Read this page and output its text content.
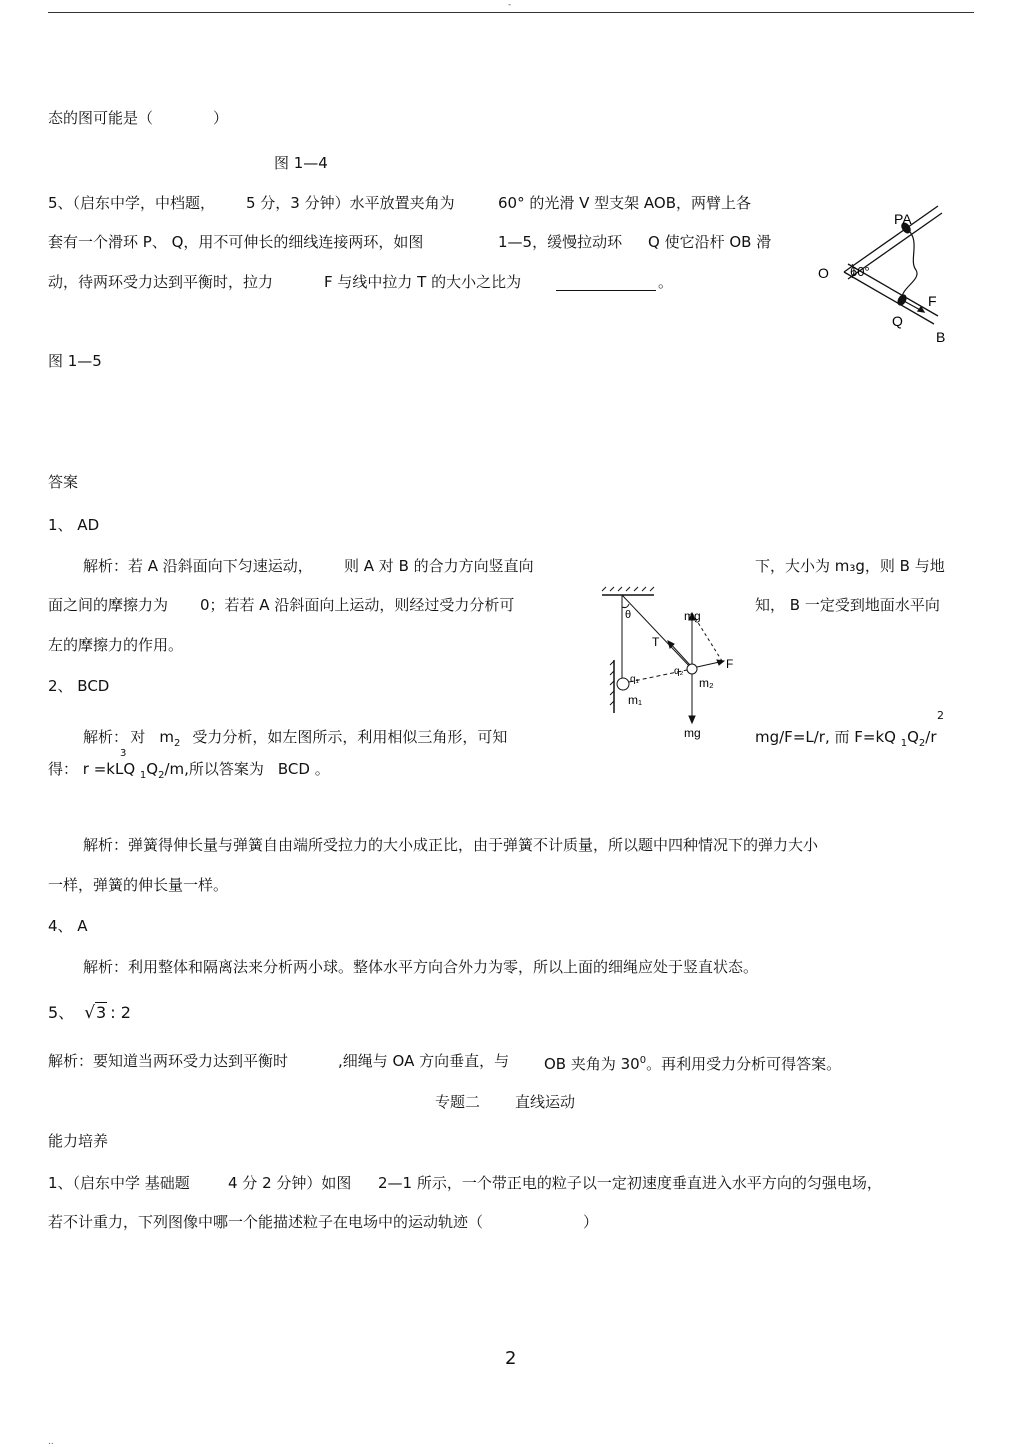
-
态的图可能是（	）
图 1—4
5、（启东中学，中档题， 5 分，3 分钟）水平放置夹角为	60° 的光滑 V 型支架 AOB，两臂上各
套有一个滑环 P、 Q，用不可伸长的细线连接两环，如图	1—5，缓慢拉动环 Q 使它沿杆 OB 滑
动，待两环受力达到平衡时，拉力	F 与线中拉力 T 的大小之比为	。
图 1—5
PA
O 60°
F
Q
B
答案
1、 AD
解析：若 A 沿斜面向下匀速运动， 则 A 对 B 的合力方向竖直向	下，大小为 m₃g，则 B 与地
面之间的摩擦力为 0；若若 A 沿斜面向上运动，则经过受力分析可	知， B 一定受到地面水平向
左的摩擦力的作用。
2、 BCD
θ	mg
T
F
q₁
q₂
m₂
m₁
mg
解析：$_3$对 $m_2$ 受力分析，如左图所示，利用相似三角形，可知	mg/F=L/r, 而 F=kQ $_1Q_2/r$
2
得： r =kLQ $_1Q_2/m$,所以答案为 BCD 。
解析：弹簧得伸长量与弹簧自由端所受拉力的大小成正比，由于弹簧不计质量，所以题中四种情况下的弹力大小
一样，弹簧的伸长量一样。
4、 A
解析：利用整体和隔离法来分析两小球。整体水平方向合外力为零，所以上面的细绳应处于竖直状态。
5、 √3 : 2
解析：要知道当两环受力达到平衡时	,细绳与 OA 方向垂直，与 OB 夹角为 $30^0$。再利用受力分析可得答案。
专题二 直线运动
能力培养
1、（启东中学 基础题	4 分 2 分钟）如图 2—1 所示，一个带正电的粒子以一定初速度垂直进入水平方向的匀强电场，
若不计重力，下列图像中哪一个能描述粒子在电场中的运动轨迹（	）
2
..
